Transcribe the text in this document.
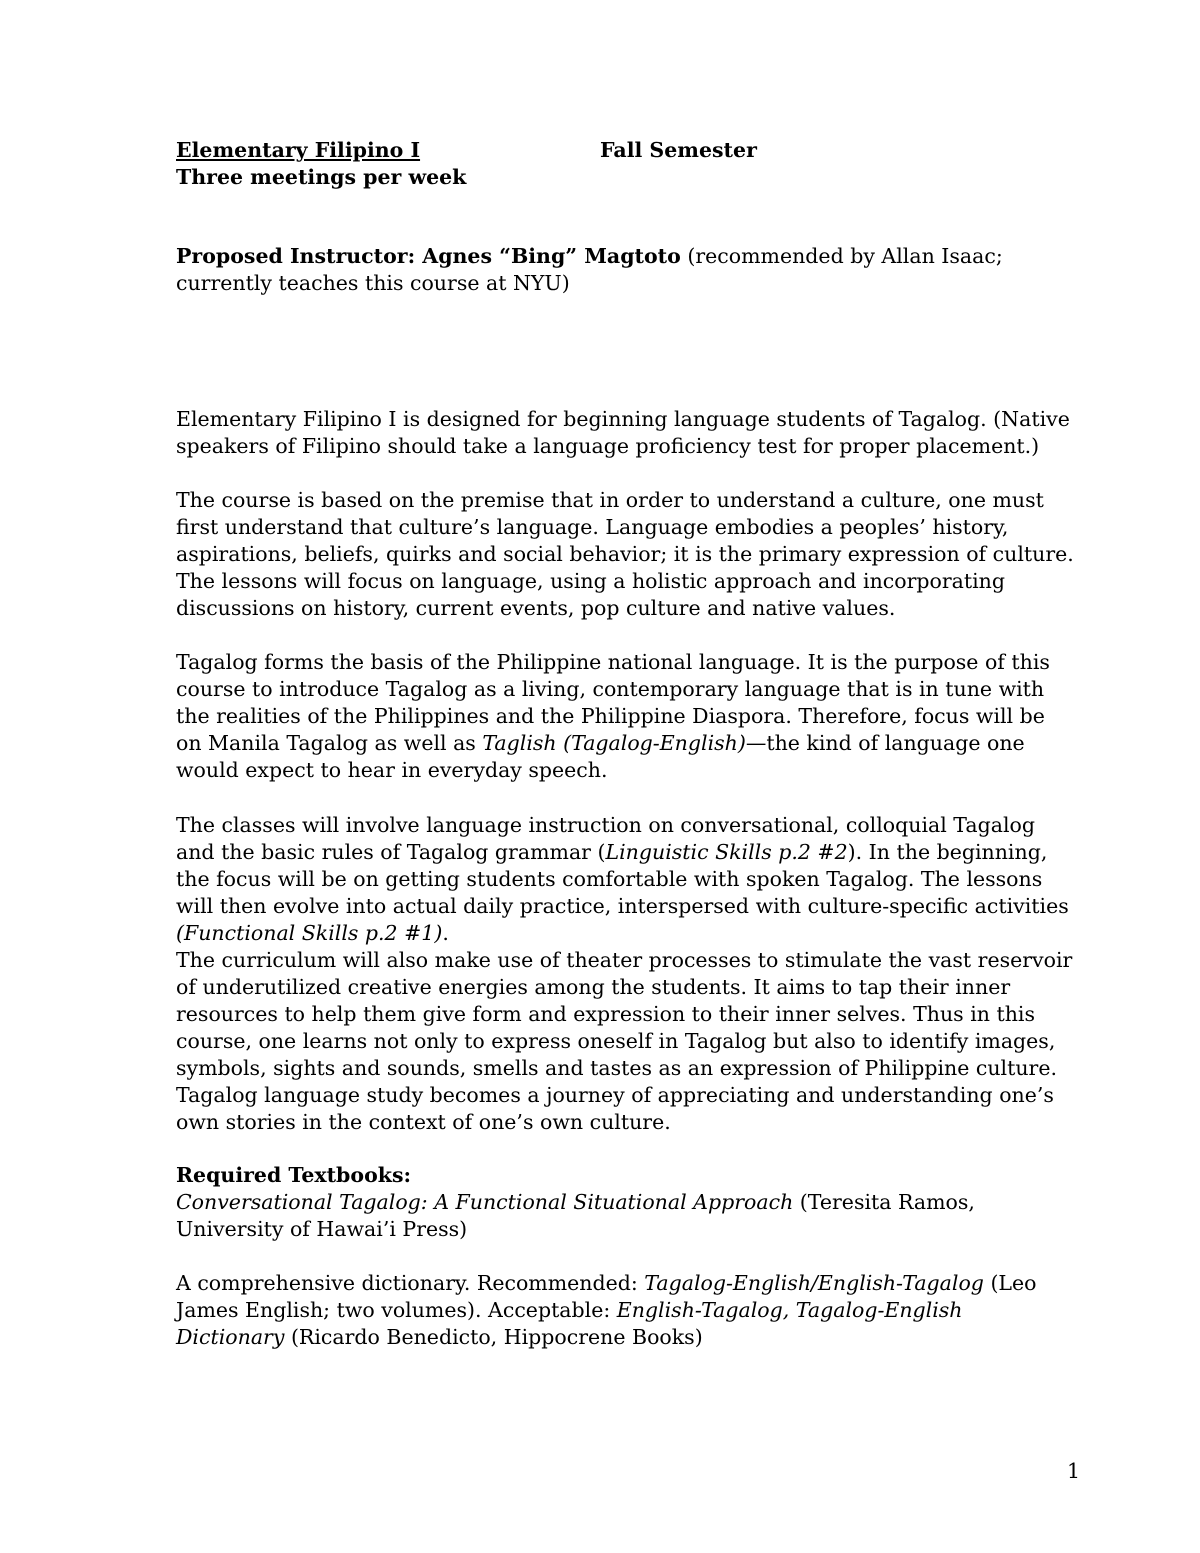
Elementary Filipino I	Fall Semester

Three meetings per week

Proposed Instructor: Agnes “Bing” Magtoto (recommended by Allan Isaac; currently teaches this course at NYU)

Elementary Filipino I is designed for beginning language students of Tagalog. (Native speakers of Filipino should take a language proficiency test for proper placement.)

The course is based on the premise that in order to understand a culture, one must first understand that culture’s language. Language embodies a peoples’ history, aspirations, beliefs, quirks and social behavior; it is the primary expression of culture. The lessons will focus on language, using a holistic approach and incorporating discussions on history, current events, pop culture and native values.

Tagalog forms the basis of the Philippine national language. It is the purpose of this course to introduce Tagalog as a living, contemporary language that is in tune with the realities of the Philippines and the Philippine Diaspora. Therefore, focus will be on Manila Tagalog as well as Taglish (Tagalog-English)—the kind of language one would expect to hear in everyday speech.

The classes will involve language instruction on conversational, colloquial Tagalog and the basic rules of Tagalog grammar (Linguistic Skills p.2 #2). In the beginning, the focus will be on getting students comfortable with spoken Tagalog. The lessons will then evolve into actual daily practice, interspersed with culture-specific activities (Functional Skills p.2 #1).

The curriculum will also make use of theater processes to stimulate the vast reservoir of underutilized creative energies among the students. It aims to tap their inner resources to help them give form and expression to their inner selves. Thus in this course, one learns not only to express oneself in Tagalog but also to identify images, symbols, sights and sounds, smells and tastes as an expression of Philippine culture. Tagalog language study becomes a journey of appreciating and understanding one’s own stories in the context of one’s own culture.

Required Textbooks:

Conversational Tagalog: A Functional Situational Approach (Teresita Ramos, University of Hawai’i Press)

A comprehensive dictionary. Recommended: Tagalog-English/English-Tagalog (Leo James English; two volumes). Acceptable: English-Tagalog, Tagalog-English Dictionary (Ricardo Benedicto, Hippocrene Books)

1
